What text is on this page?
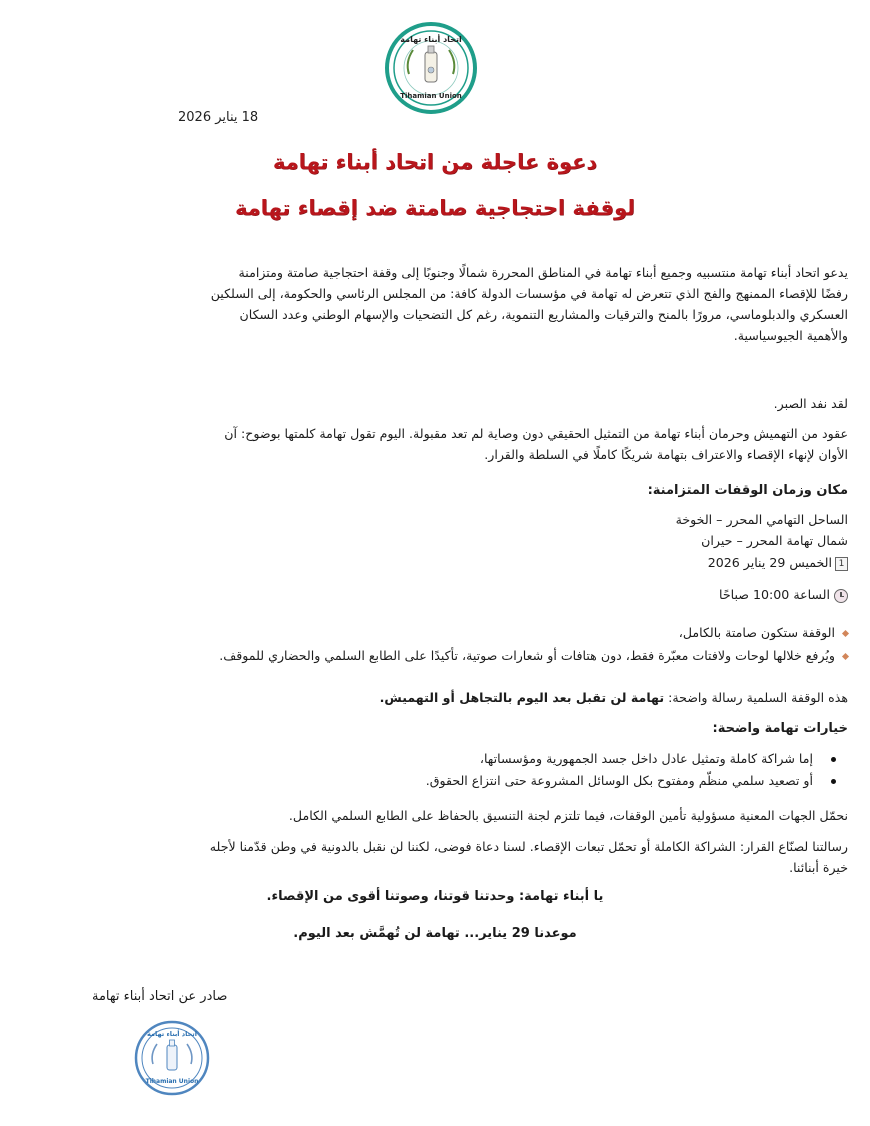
اتحاد أبناء تهامة
Tihamian Union
18 يناير 2026
دعوة عاجلة من اتحاد أبناء تهامة
لوقفة احتجاجية صامتة ضد إقصاء تهامة
يدعو اتحاد أبناء تهامة منتسبيه وجميع أبناء تهامة في المناطق المحررة شمالًا وجنوبًا إلى وقفة احتجاجية صامتة ومتزامنة
رفضًا للإقصاء الممنهج والفج الذي تتعرض له تهامة في مؤسسات الدولة كافة: من المجلس الرئاسي والحكومة، إلى السلكين
العسكري والدبلوماسي، مرورًا بالمنح والترقيات والمشاريع التنموية، رغم كل التضحيات والإسهام الوطني وعدد السكان
والأهمية الجيوسياسية.
لقد نفد الصبر.
عقود من التهميش وحرمان أبناء تهامة من التمثيل الحقيقي دون وصاية لم تعد مقبولة. اليوم تقول تهامة كلمتها بوضوح: آن
الأوان لإنهاء الإقصاء والاعتراف بتهامة شريكًا كاملًا في السلطة والقرار.
مكان وزمان الوقفات المتزامنة:
الساحل التهامي المحرر – الخوخة
شمال تهامة المحرر – حيران
1الخميس 29 يناير 2026
الساعة 10:00 صباحًا
الوقفة ستكون صامتة بالكامل،
ويُرفع خلالها لوحات ولافتات معبّرة فقط، دون هتافات أو شعارات صوتية، تأكيدًا على الطابع السلمي والحضاري للموقف.
هذه الوقفة السلمية رسالة واضحة: تهامة لن تقبل بعد اليوم بالتجاهل أو التهميش.
خيارات تهامة واضحة:
إما شراكة كاملة وتمثيل عادل داخل جسد الجمهورية ومؤسساتها،
أو تصعيد سلمي منظّم ومفتوح بكل الوسائل المشروعة حتى انتزاع الحقوق.
نحمّل الجهات المعنية مسؤولية تأمين الوقفات، فيما تلتزم لجنة التنسيق بالحفاظ على الطابع السلمي الكامل.
رسالتنا لصنّاع القرار: الشراكة الكاملة أو تحمّل تبعات الإقصاء. لسنا دعاة فوضى، لكننا لن نقبل بالدونية في وطن قدّمنا لأجله
خيرة أبنائنا.
يا أبناء تهامة: وحدتنا قوتنا، وصوتنا أقوى من الإقصاء.
موعدنا 29 يناير... تهامة لن تُهمَّش بعد اليوم.
صادر عن اتحاد أبناء تهامة
اتحاد أبناء تهامة
Tihamian Union
